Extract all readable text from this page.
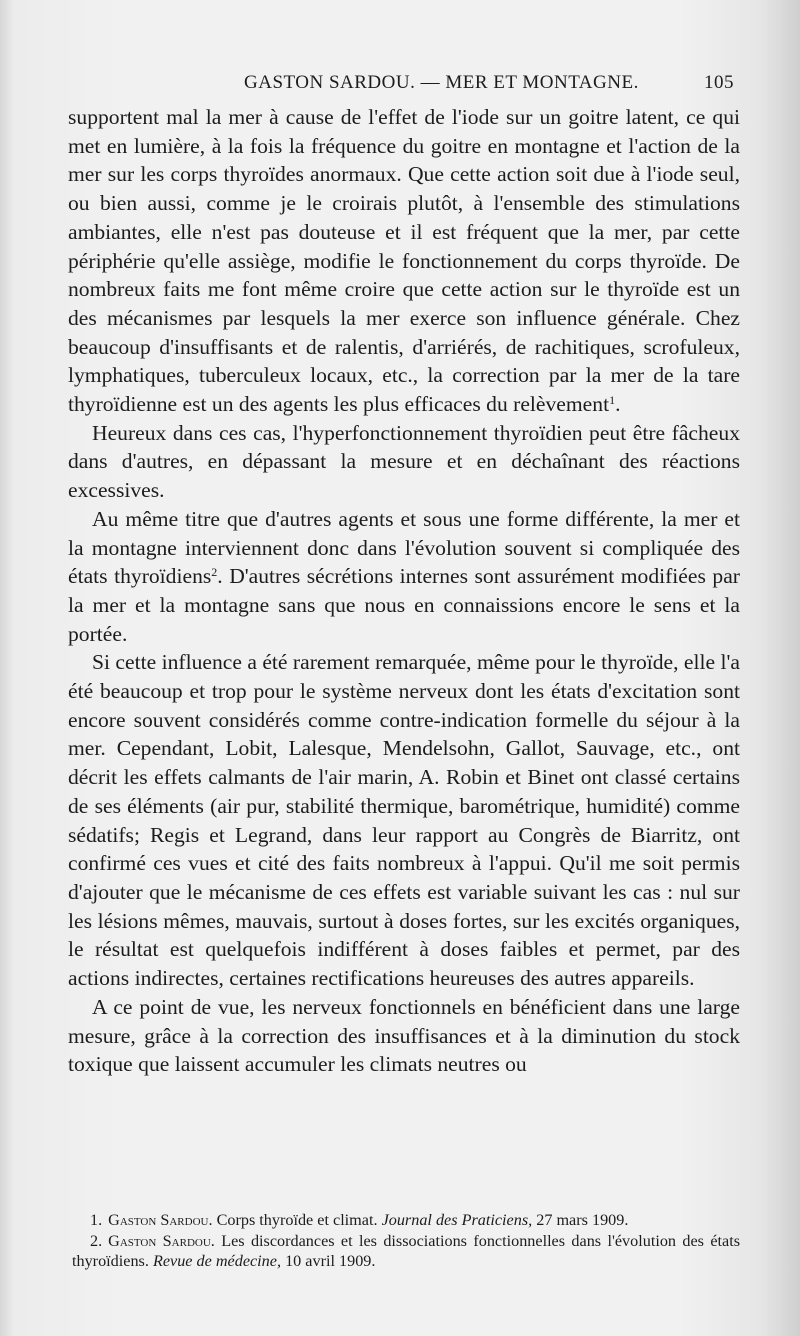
GASTON SARDOU. — MER ET MONTAGNE.	105

supportent mal la mer à cause de l'effet de l'iode sur un goitre latent, ce qui met en lumière, à la fois la fréquence du goitre en montagne et l'action de la mer sur les corps thyroïdes anormaux. Que cette action soit due à l'iode seul, ou bien aussi, comme je le croirais plutôt, à l'ensemble des stimulations ambiantes, elle n'est pas douteuse et il est fréquent que la mer, par cette périphérie qu'elle assiège, modifie le fonctionnement du corps thyroïde. De nombreux faits me font même croire que cette action sur le thyroïde est un des mécanismes par lesquels la mer exerce son influence générale. Chez beaucoup d'insuffisants et de ralentis, d'arriérés, de rachitiques, scrofuleux, lymphatiques, tuberculeux locaux, etc., la correction par la mer de la tare thyroïdienne est un des agents les plus efficaces du relèvement$^1$.

Heureux dans ces cas, l'hyperfonctionnement thyroïdien peut être fâcheux dans d'autres, en dépassant la mesure et en déchaînant des réactions excessives.

Au même titre que d'autres agents et sous une forme différente, la mer et la montagne interviennent donc dans l'évolution souvent si compliquée des états thyroïdiens$^2$. D'autres sécrétions internes sont assurément modifiées par la mer et la montagne sans que nous en connaissions encore le sens et la portée.

Si cette influence a été rarement remarquée, même pour le thyroïde, elle l'a été beaucoup et trop pour le système nerveux dont les états d'excitation sont encore souvent considérés comme contre-indication formelle du séjour à la mer. Cependant, Lobit, Lalesque, Mendelsohn, Gallot, Sauvage, etc., ont décrit les effets calmants de l'air marin, A. Robin et Binet ont classé certains de ses éléments (air pur, stabilité thermique, barométrique, humidité) comme sédatifs; Regis et Legrand, dans leur rapport au Congrès de Biarritz, ont confirmé ces vues et cité des faits nombreux à l'appui. Qu'il me soit permis d'ajouter que le mécanisme de ces effets est variable suivant les cas : nul sur les lésions mêmes, mauvais, surtout à doses fortes, sur les excités organiques, le résultat est quelquefois indifférent à doses faibles et permet, par des actions indirectes, certaines rectifications heureuses des autres appareils.

A ce point de vue, les nerveux fonctionnels en bénéficient dans une large mesure, grâce à la correction des insuffisances et à la diminution du stock toxique que laissent accumuler les climats neutres ou

1. Gaston Sardou. Corps thyroïde et climat. Journal des Praticiens, 27 mars 1909.

2. Gaston Sardou. Les discordances et les dissociations fonctionnelles dans l'évolution des états thyroïdiens. Revue de médecine, 10 avril 1909.
